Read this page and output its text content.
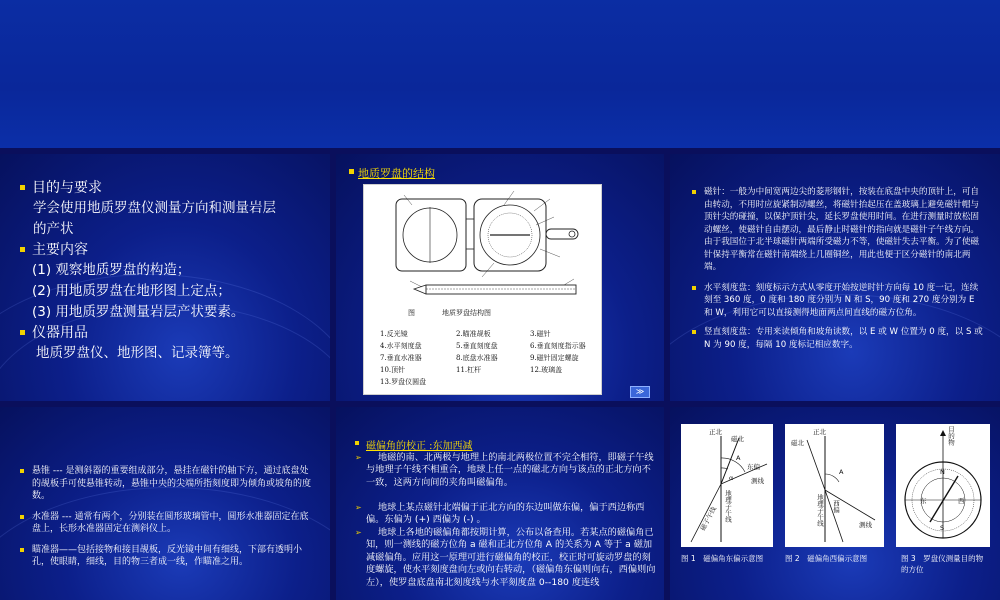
目的与要求
学会使用地质罗盘仪测量方向和测量岩层
的产状
主要内容
(1) 观察地质罗盘的构造；
(2) 用地质罗盘在地形图上定点；
(3) 用地质罗盘测量岩层产状要素。
仪器用品
地质罗盘仪、地形图、记录簿等。
地质罗盘的结构
图	地质罗盘结构图
1.反光镜	2.瞄准觇板	3.磁针
4.水平刻度盘	5.垂直刻度盘	6.垂直刻度指示器
7.垂直水准器	8.底盘水准器	9.磁针固定螺旋
10.顶针	11.杠杆	12.玻璃盖
13.罗盘仪圆盘
≫
磁针：一般为中间宽两边尖的菱形钢针，按装在底盘中央的顶针上，可自由转动，不用时应旋紧制动螺丝，将磁针抬起压在盖玻璃上避免磁针帽与顶针尖的碰撞，以保护顶针尖，延长罗盘使用时间。在进行测量时放松固动螺丝，使磁针自由摆动，最后静止时磁针的指向就是磁针子午线方向。由于我国位于北半球磁针两端所受磁力不等，使磁针失去平衡。为了使磁针保持平衡常在磁针南端绕上几圈铜丝，用此也便于区分磁针的南北两端。
水平刻度盘：刻度标示方式从零度开始按逆时针方向每 10 度一记，连续刻至 360 度，0 度和 180 度分别为 N 和 S，90 度和 270 度分别为 E 和 W，利用它可以直接测得地面两点间直线的磁方位角。
竖直刻度盘：专用来读倾角和坡角读数，以 E 或 W 位置为 0 度，以 S 或 N 为 90 度，每隔 10 度标记相应数字。
悬锥 --- 是测斜器的重要组成部分，悬挂在磁针的轴下方，通过底盘处的觇板手可使悬锥转动，悬锥中央的尖端所指刻度即为倾角或坡角的度数。
水准器 --- 通常有两个，分别装在圆形玻璃管中，圆形水准器固定在底盘上，长形水准器固定在测斜仪上。
瞄准器——包括接物和接目觇板，反光镜中间有细线，下部有透明小孔，使眼睛，细线，目的物三者成一线，作瞄准之用。
磁偏角的校正 :东加西减
➢	地磁的南、北两极与地理上的南北两极位置不完全相符，即磁子午线与地理子午线不相重合，地球上任一点的磁北方向与该点的正北方向不一致，这两方向间的夹角叫磁偏角。
➢	地球上某点磁针北端偏于正北方向的东边叫做东偏，偏于西边称西偏。东偏为 (+) 西偏为 (-) 。
➢	地球上各地的磁偏角都按期计算，公布以备查用。若某点的磁偏角已知，则一测线的磁方位角 a 磁和正北方位角 A 的关系为 A 等于 a 磁加减磁偏角。应用这一原理可进行磁偏角的校正，校正时可旋动罗盘的刻度螺旋，使水平刻度盘向左或向右转动，（磁偏角东偏则向右，西偏则向左），使罗盘底盘南北刻度线与水平刻度盘 0--180 度连线
正北
磁北
A
东偏
α
地理子午线
磁子午线
测线
图 1　磁偏角东偏示意图
正北
磁北
地理子午线
A
西偏
测线
图 2　磁偏角西偏示意图
目的物
N
东	西
S
图 3　罗盘仪测量目的物的方位
